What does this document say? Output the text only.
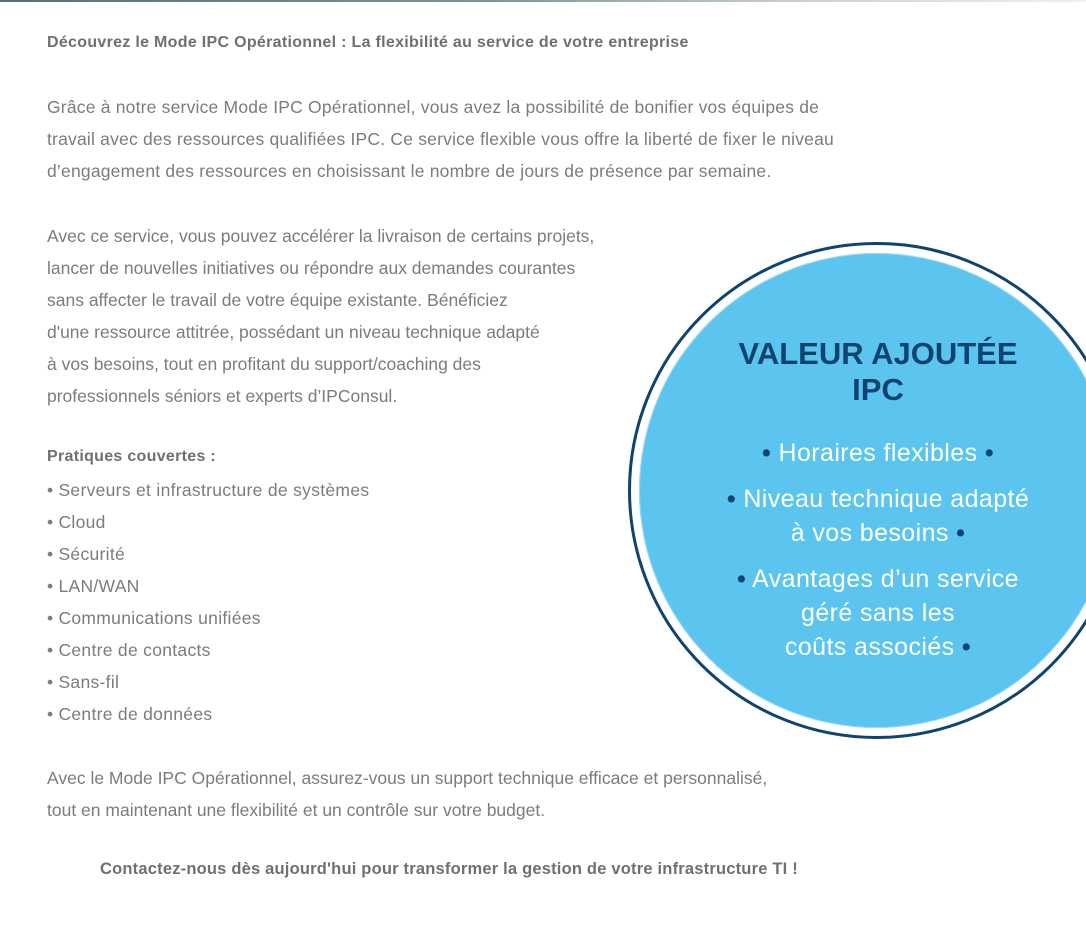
Découvrez le Mode IPC Opérationnel : La flexibilité au service de votre entreprise

Grâce à notre service Mode IPC Opérationnel, vous avez la possibilité de bonifier vos équipes de
travail avec des ressources qualifiées IPC. Ce service flexible vous offre la liberté de fixer le niveau
d’engagement des ressources en choisissant le nombre de jours de présence par semaine.

Avec ce service, vous pouvez accélérer la livraison de certains projets,
lancer de nouvelles initiatives ou répondre aux demandes courantes
sans affecter le travail de votre équipe existante. Bénéficiez
d'une ressource attitrée, possédant un niveau technique adapté
à vos besoins, tout en profitant du support/coaching des
professionnels séniors et experts d’IPConsul.

Pratiques couvertes :
• Serveurs et infrastructure de systèmes
• Cloud
• Sécurité
• LAN/WAN
• Communications unifiées
• Centre de contacts
• Sans-fil
• Centre de données

Avec le Mode IPC Opérationnel, assurez-vous un support technique efficace et personnalisé,
tout en maintenant une flexibilité et un contrôle sur votre budget.

Contactez-nous dès aujourd'hui pour transformer la gestion de votre infrastructure TI !

VALEUR AJOUTÉE
IPC
• Horaires flexibles •
• Niveau technique adapté
à vos besoins •
• Avantages d’un service
géré sans les
coûts associés •
